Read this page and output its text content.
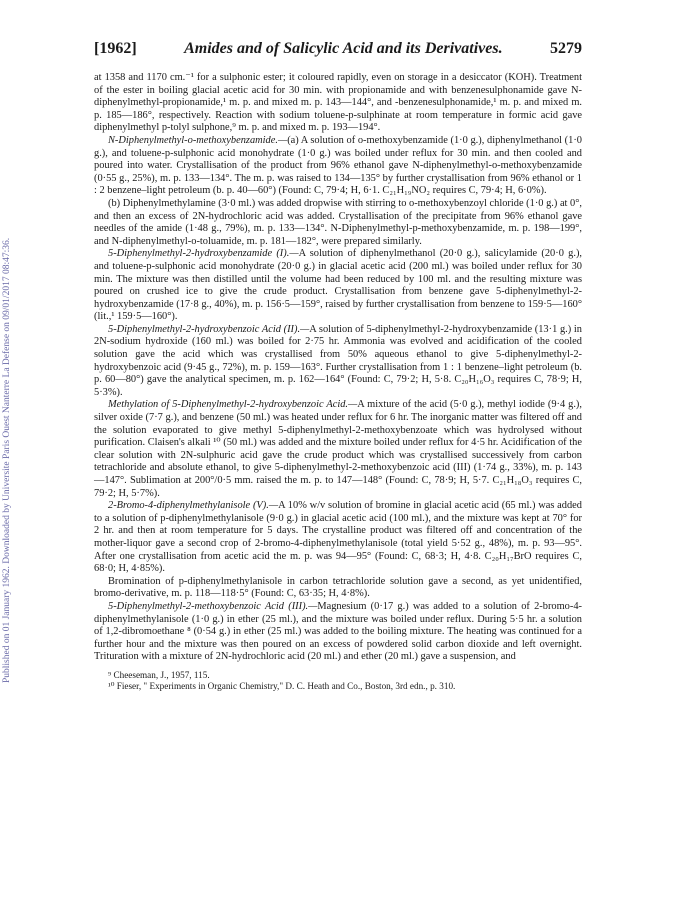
Published on 01 January 1962. Downloaded by Universite Paris Ouest Nanterre La Defense on 09/01/2017 08:47:36.
[1962]	Amides and of Salicylic Acid and its Derivatives.	5279

at 1358 and 1170 cm.⁻¹ for a sulphonic ester; it coloured rapidly, even on storage in a desiccator (KOH). Treatment of the ester in boiling glacial acetic acid for 30 min. with propionamide and with benzenesulphonamide gave N-diphenylmethyl-propionamide,¹ m. p. and mixed m. p. 143—144°, and -benzenesulphonamide,¹ m. p. and mixed m. p. 185—186°, respectively. Reaction with sodium toluene-p-sulphinate at room temperature in formic acid gave diphenylmethyl p-tolyl sulphone,⁹ m. p. and mixed m. p. 193—194°.

N-Diphenylmethyl-o-methoxybenzamide.—(a) A solution of o-methoxybenzamide (1·0 g.), diphenylmethanol (1·0 g.), and toluene-p-sulphonic acid monohydrate (1·0 g.) was boiled under reflux for 30 min. and then cooled and poured into water. Crystallisation of the product from 96% ethanol gave N-diphenylmethyl-o-methoxybenzamide (0·55 g., 25%), m. p. 133—134°. The m. p. was raised to 134—135° by further crystallisation from 96% ethanol or 1 : 2 benzene–light petroleum (b. p. 40—60°) (Found: C, 79·4; H, 6·1. C₂₁H₁₉NO₂ requires C, 79·4; H, 6·0%).

(b) Diphenylmethylamine (3·0 ml.) was added dropwise with stirring to o-methoxybenzoyl chloride (1·0 g.) at 0°, and then an excess of 2N-hydrochloric acid was added. Crystallisation of the precipitate from 96% ethanol gave needles of the amide (1·48 g., 79%), m. p. 133—134°. N-Diphenylmethyl-p-methoxybenzamide, m. p. 198—199°, and N-diphenylmethyl-o-toluamide, m. p. 181—182°, were prepared similarly.

5-Diphenylmethyl-2-hydroxybenzamide (I).—A solution of diphenylmethanol (20·0 g.), salicylamide (20·0 g.), and toluene-p-sulphonic acid monohydrate (20·0 g.) in glacial acetic acid (200 ml.) was boiled under reflux for 30 min. The mixture was then distilled until the volume had been reduced by 100 ml. and the resulting mixture was poured on crushed ice to give the crude product. Crystallisation from benzene gave 5-diphenylmethyl-2-hydroxybenzamide (17·8 g., 40%), m. p. 156·5—159°, raised by further crystallisation from benzene to 159·5—160° (lit.,¹ 159·5—160°).

5-Diphenylmethyl-2-hydroxybenzoic Acid (II).—A solution of 5-diphenylmethyl-2-hydroxybenzamide (13·1 g.) in 2N-sodium hydroxide (160 ml.) was boiled for 2·75 hr. Ammonia was evolved and acidification of the cooled solution gave the acid which was crystallised from 50% aqueous ethanol to give 5-diphenylmethyl-2-hydroxybenzoic acid (9·45 g., 72%), m. p. 159—163°. Further crystallisation from 1 : 1 benzene–light petroleum (b. p. 60—80°) gave the analytical specimen, m. p. 162—164° (Found: C, 79·2; H, 5·8. C₂₀H₁₆O₃ requires C, 78·9; H, 5·3%).

Methylation of 5-Diphenylmethyl-2-hydroxybenzoic Acid.—A mixture of the acid (5·0 g.), methyl iodide (9·4 g.), silver oxide (7·7 g.), and benzene (50 ml.) was heated under reflux for 6 hr. The inorganic matter was filtered off and the solution evaporated to give methyl 5-diphenylmethyl-2-methoxybenzoate which was hydrolysed without purification. Claisen's alkali ¹⁰ (50 ml.) was added and the mixture boiled under reflux for 4·5 hr. Acidification of the clear solution with 2N-sulphuric acid gave the crude product which was crystallised successively from carbon tetrachloride and absolute ethanol, to give 5-diphenylmethyl-2-methoxybenzoic acid (III) (1·74 g., 33%), m. p. 143—147°. Sublimation at 200°/0·5 mm. raised the m. p. to 147—148° (Found: C, 78·9; H, 5·7. C₂₁H₁₈O₃ requires C, 79·2; H, 5·7%).

2-Bromo-4-diphenylmethylanisole (V).—A 10% w/v solution of bromine in glacial acetic acid (65 ml.) was added to a solution of p-diphenylmethylanisole (9·0 g.) in glacial acetic acid (100 ml.), and the mixture was kept at 70° for 2 hr. and then at room temperature for 5 days. The crystalline product was filtered off and concentration of the mother-liquor gave a second crop of 2-bromo-4-diphenylmethylanisole (total yield 5·52 g., 48%), m. p. 93—95°. After one crystallisation from acetic acid the m. p. was 94—95° (Found: C, 68·3; H, 4·8. C₂₀H₁₇BrO requires C, 68·0; H, 4·85%).

Bromination of p-diphenylmethylanisole in carbon tetrachloride solution gave a second, as yet unidentified, bromo-derivative, m. p. 118—118·5° (Found: C, 63·35; H, 4·8%).

5-Diphenylmethyl-2-methoxybenzoic Acid (III).—Magnesium (0·17 g.) was added to a solution of 2-bromo-4-diphenylmethylanisole (1·0 g.) in ether (25 ml.), and the mixture was boiled under reflux. During 5·5 hr. a solution of 1,2-dibromoethane ⁸ (0·54 g.) in ether (25 ml.) was added to the boiling mixture. The heating was continued for a further hour and the mixture was then poured on an excess of powdered solid carbon dioxide and left overnight. Trituration with a mixture of 2N-hydrochloric acid (20 ml.) and ether (20 ml.) gave a suspension, and

⁹ Cheeseman, J., 1957, 115.
¹⁰ Fieser, " Experiments in Organic Chemistry," D. C. Heath and Co., Boston, 3rd edn., p. 310.
